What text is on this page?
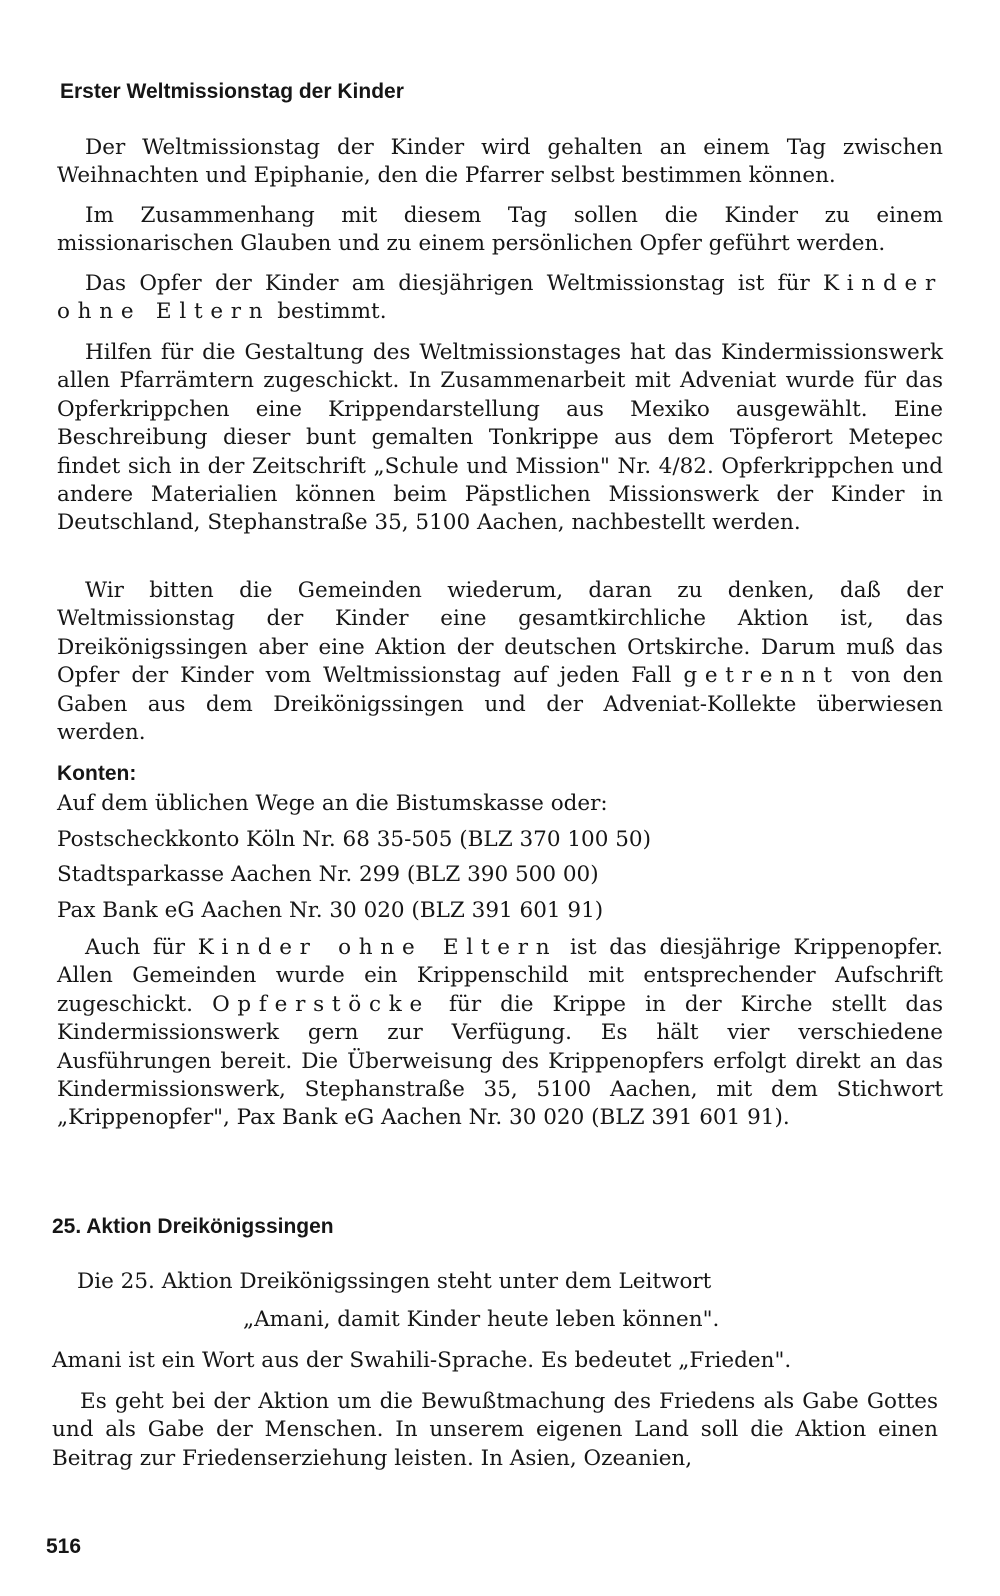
Erster Weltmissionstag der Kinder

Der Weltmissionstag der Kinder wird gehalten an einem Tag zwischen Weihnachten und Epiphanie, den die Pfarrer selbst bestimmen können.

Im Zusammenhang mit diesem Tag sollen die Kinder zu einem missionarischen Glauben und zu einem persönlichen Opfer geführt werden.

Das Opfer der Kinder am diesjährigen Weltmissionstag ist für Kinder ohne Eltern bestimmt.

Hilfen für die Gestaltung des Weltmissionstages hat das Kindermissionswerk allen Pfarrämtern zugeschickt. In Zusammenarbeit mit Adveniat wurde für das Opferkrippchen eine Krippendarstellung aus Mexiko ausgewählt. Eine Beschreibung dieser bunt gemalten Tonkrippe aus dem Töpferort Metepec findet sich in der Zeitschrift „Schule und Mission" Nr. 4/82. Opferkrippchen und andere Materialien können beim Päpstlichen Missionswerk der Kinder in Deutschland, Stephanstraße 35, 5100 Aachen, nachbestellt werden.

Wir bitten die Gemeinden wiederum, daran zu denken, daß der Weltmissionstag der Kinder eine gesamtkirchliche Aktion ist, das Dreikönigssingen aber eine Aktion der deutschen Ortskirche. Darum muß das Opfer der Kinder vom Weltmissionstag auf jeden Fall getrennt von den Gaben aus dem Dreikönigssingen und der Adveniat-Kollekte überwiesen werden.

Konten:

Auf dem üblichen Wege an die Bistumskasse oder:

Postscheckkonto Köln Nr. 68 35-505 (BLZ 370 100 50)

Stadtsparkasse Aachen Nr. 299 (BLZ 390 500 00)

Pax Bank eG Aachen Nr. 30 020 (BLZ 391 601 91)

Auch für Kinder ohne Eltern ist das diesjährige Krippenopfer. Allen Gemeinden wurde ein Krippenschild mit entsprechender Aufschrift zugeschickt. Opferstöcke für die Krippe in der Kirche stellt das Kindermissionswerk gern zur Verfügung. Es hält vier verschiedene Ausführungen bereit. Die Überweisung des Krippenopfers erfolgt direkt an das Kindermissionswerk, Stephanstraße 35, 5100 Aachen, mit dem Stichwort „Krippenopfer", Pax Bank eG Aachen Nr. 30 020 (BLZ 391 601 91).

25. Aktion Dreikönigssingen

Die 25. Aktion Dreikönigssingen steht unter dem Leitwort

„Amani, damit Kinder heute leben können".

Amani ist ein Wort aus der Swahili-Sprache. Es bedeutet „Frieden".

Es geht bei der Aktion um die Bewußtmachung des Friedens als Gabe Gottes und als Gabe der Menschen. In unserem eigenen Land soll die Aktion einen Beitrag zur Friedenserziehung leisten. In Asien, Ozeanien,

516
